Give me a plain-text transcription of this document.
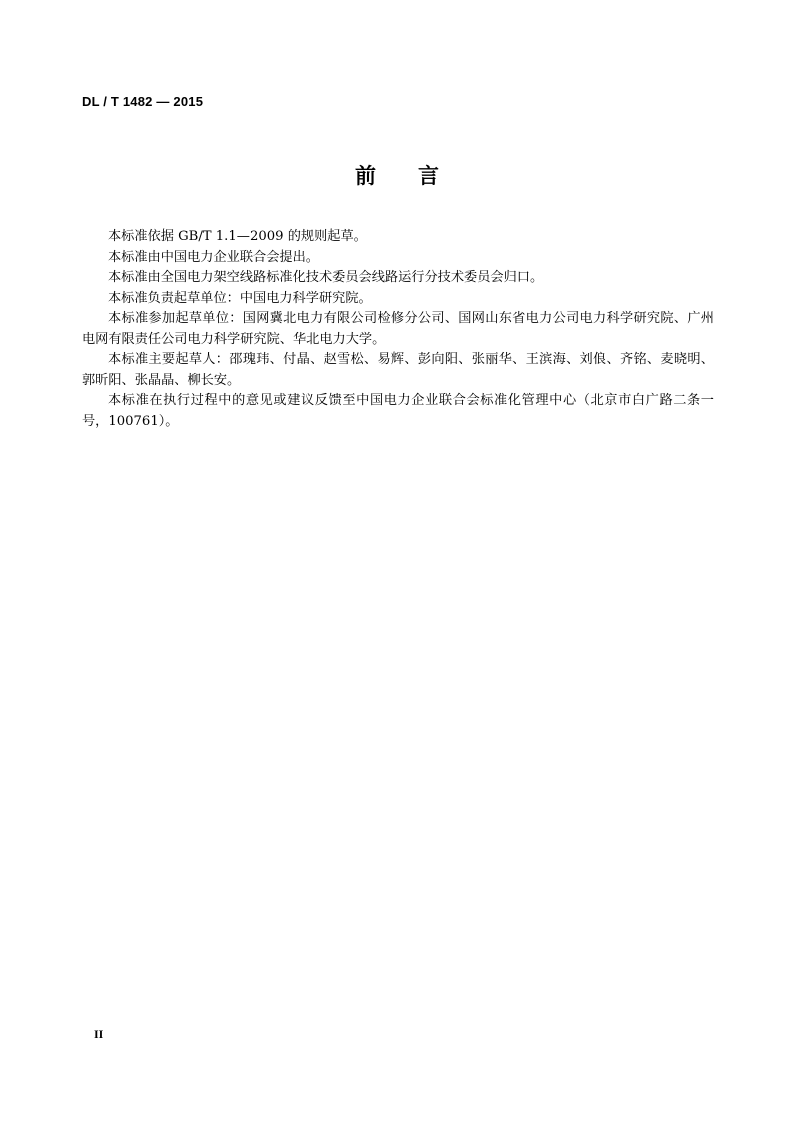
DL / T 1482 — 2015
前　　言

本标准依据 GB/T 1.1—2009 的规则起草。

本标准由中国电力企业联合会提出。

本标准由全国电力架空线路标准化技术委员会线路运行分技术委员会归口。

本标准负责起草单位：中国电力科学研究院。

本标准参加起草单位：国网冀北电力有限公司检修分公司、国网山东省电力公司电力科学研究院、广州电网有限责任公司电力科学研究院、华北电力大学。

本标准主要起草人：邵瑰玮、付晶、赵雪松、易辉、彭向阳、张丽华、王滨海、刘俍、齐铭、麦晓明、郭昕阳、张晶晶、柳长安。

本标准在执行过程中的意见或建议反馈至中国电力企业联合会标准化管理中心（北京市白广路二条一号，100761）。

II
